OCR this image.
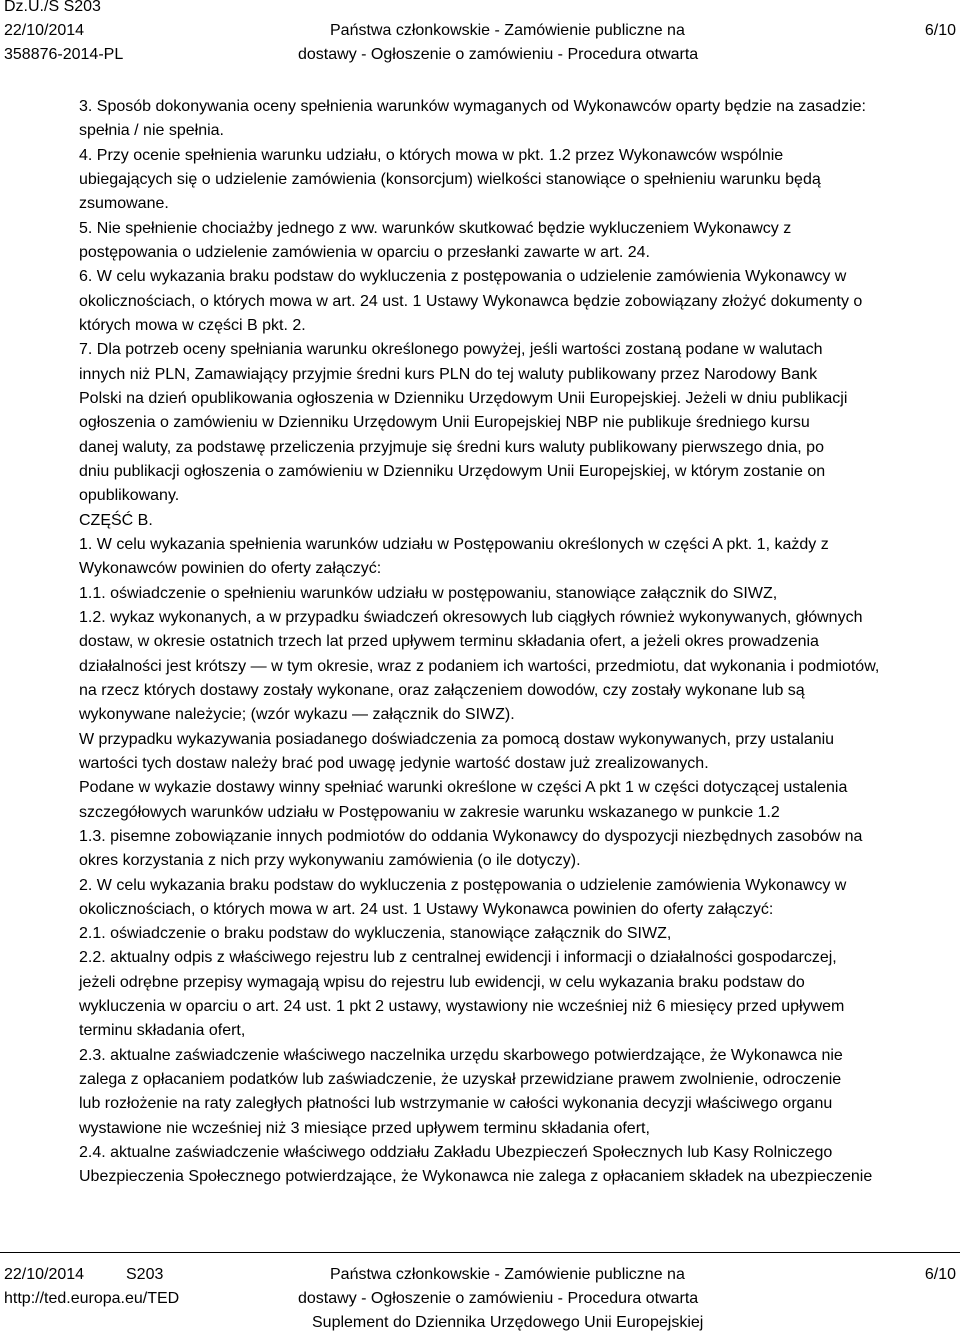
Dz.U./S S203
22/10/2014
358876-2014-PL
Państwa członkowskie - Zamówienie publiczne na
dostawy - Ogłoszenie o zamówieniu - Procedura otwarta
6/10
3. Sposób dokonywania oceny spełnienia warunków wymaganych od Wykonawców oparty będzie na zasadzie:
spełnia / nie spełnia.
4. Przy ocenie spełnienia warunku udziału, o których mowa w pkt. 1.2 przez Wykonawców wspólnie
ubiegających się o udzielenie zamówienia (konsorcjum) wielkości stanowiące o spełnieniu warunku będą
zsumowane.
5. Nie spełnienie chociażby jednego z ww. warunków skutkować będzie wykluczeniem Wykonawcy z
postępowania o udzielenie zamówienia w oparciu o przesłanki zawarte w art. 24.
6. W celu wykazania braku podstaw do wykluczenia z postępowania o udzielenie zamówienia Wykonawcy w
okolicznościach, o których mowa w art. 24 ust. 1 Ustawy Wykonawca będzie zobowiązany złożyć dokumenty o
których mowa w części B pkt. 2.
7. Dla potrzeb oceny spełniania warunku określonego powyżej, jeśli wartości zostaną podane w walutach
innych niż PLN, Zamawiający przyjmie średni kurs PLN do tej waluty publikowany przez Narodowy Bank
Polski na dzień opublikowania ogłoszenia w Dzienniku Urzędowym Unii Europejskiej. Jeżeli w dniu publikacji
ogłoszenia o zamówieniu w Dzienniku Urzędowym Unii Europejskiej NBP nie publikuje średniego kursu
danej waluty, za podstawę przeliczenia przyjmuje się średni kurs waluty publikowany pierwszego dnia, po
dniu publikacji ogłoszenia o zamówieniu w Dzienniku Urzędowym Unii Europejskiej, w którym zostanie on
opublikowany.
CZĘŚĆ B.
1. W celu wykazania spełnienia warunków udziału w Postępowaniu określonych w części A pkt. 1, każdy z
Wykonawców powinien do oferty załączyć:
1.1. oświadczenie o spełnieniu warunków udziału w postępowaniu, stanowiące załącznik do SIWZ,
1.2. wykaz wykonanych, a w przypadku świadczeń okresowych lub ciągłych również wykonywanych, głównych
dostaw, w okresie ostatnich trzech lat przed upływem terminu składania ofert, a jeżeli okres prowadzenia
działalności jest krótszy — w tym okresie, wraz z podaniem ich wartości, przedmiotu, dat wykonania i podmiotów,
na rzecz których dostawy zostały wykonane, oraz załączeniem dowodów, czy zostały wykonane lub są
wykonywane należycie; (wzór wykazu — załącznik do SIWZ).
W przypadku wykazywania posiadanego doświadczenia za pomocą dostaw wykonywanych, przy ustalaniu
wartości tych dostaw należy brać pod uwagę jedynie wartość dostaw już zrealizowanych.
Podane w wykazie dostawy winny spełniać warunki określone w części A pkt 1 w części dotyczącej ustalenia
szczegółowych warunków udziału w Postępowaniu w zakresie warunku wskazanego w punkcie 1.2
1.3. pisemne zobowiązanie innych podmiotów do oddania Wykonawcy do dyspozycji niezbędnych zasobów na
okres korzystania z nich przy wykonywaniu zamówienia (o ile dotyczy).
2. W celu wykazania braku podstaw do wykluczenia z postępowania o udzielenie zamówienia Wykonawcy w
okolicznościach, o których mowa w art. 24 ust. 1 Ustawy Wykonawca powinien do oferty załączyć:
2.1. oświadczenie o braku podstaw do wykluczenia, stanowiące załącznik do SIWZ,
2.2. aktualny odpis z właściwego rejestru lub z centralnej ewidencji i informacji o działalności gospodarczej,
jeżeli odrębne przepisy wymagają wpisu do rejestru lub ewidencji, w celu wykazania braku podstaw do
wykluczenia w oparciu o art. 24 ust. 1 pkt 2 ustawy, wystawiony nie wcześniej niż 6 miesięcy przed upływem
terminu składania ofert,
2.3. aktualne zaświadczenie właściwego naczelnika urzędu skarbowego potwierdzające, że Wykonawca nie
zalega z opłacaniem podatków lub zaświadczenie, że uzyskał przewidziane prawem zwolnienie, odroczenie
lub rozłożenie na raty zaległych płatności lub wstrzymanie w całości wykonania decyzji właściwego organu
wystawione nie wcześniej niż 3 miesiące przed upływem terminu składania ofert,
2.4. aktualne zaświadczenie właściwego oddziału Zakładu Ubezpieczeń Społecznych lub Kasy Rolniczego
Ubezpieczenia Społecznego potwierdzające, że Wykonawca nie zalega z opłacaniem składek na ubezpieczenie
22/10/2014	S203
http://ted.europa.eu/TED
Państwa członkowskie - Zamówienie publiczne na
dostawy - Ogłoszenie o zamówieniu - Procedura otwarta
Suplement do Dziennika Urzędowego Unii Europejskiej
6/10
